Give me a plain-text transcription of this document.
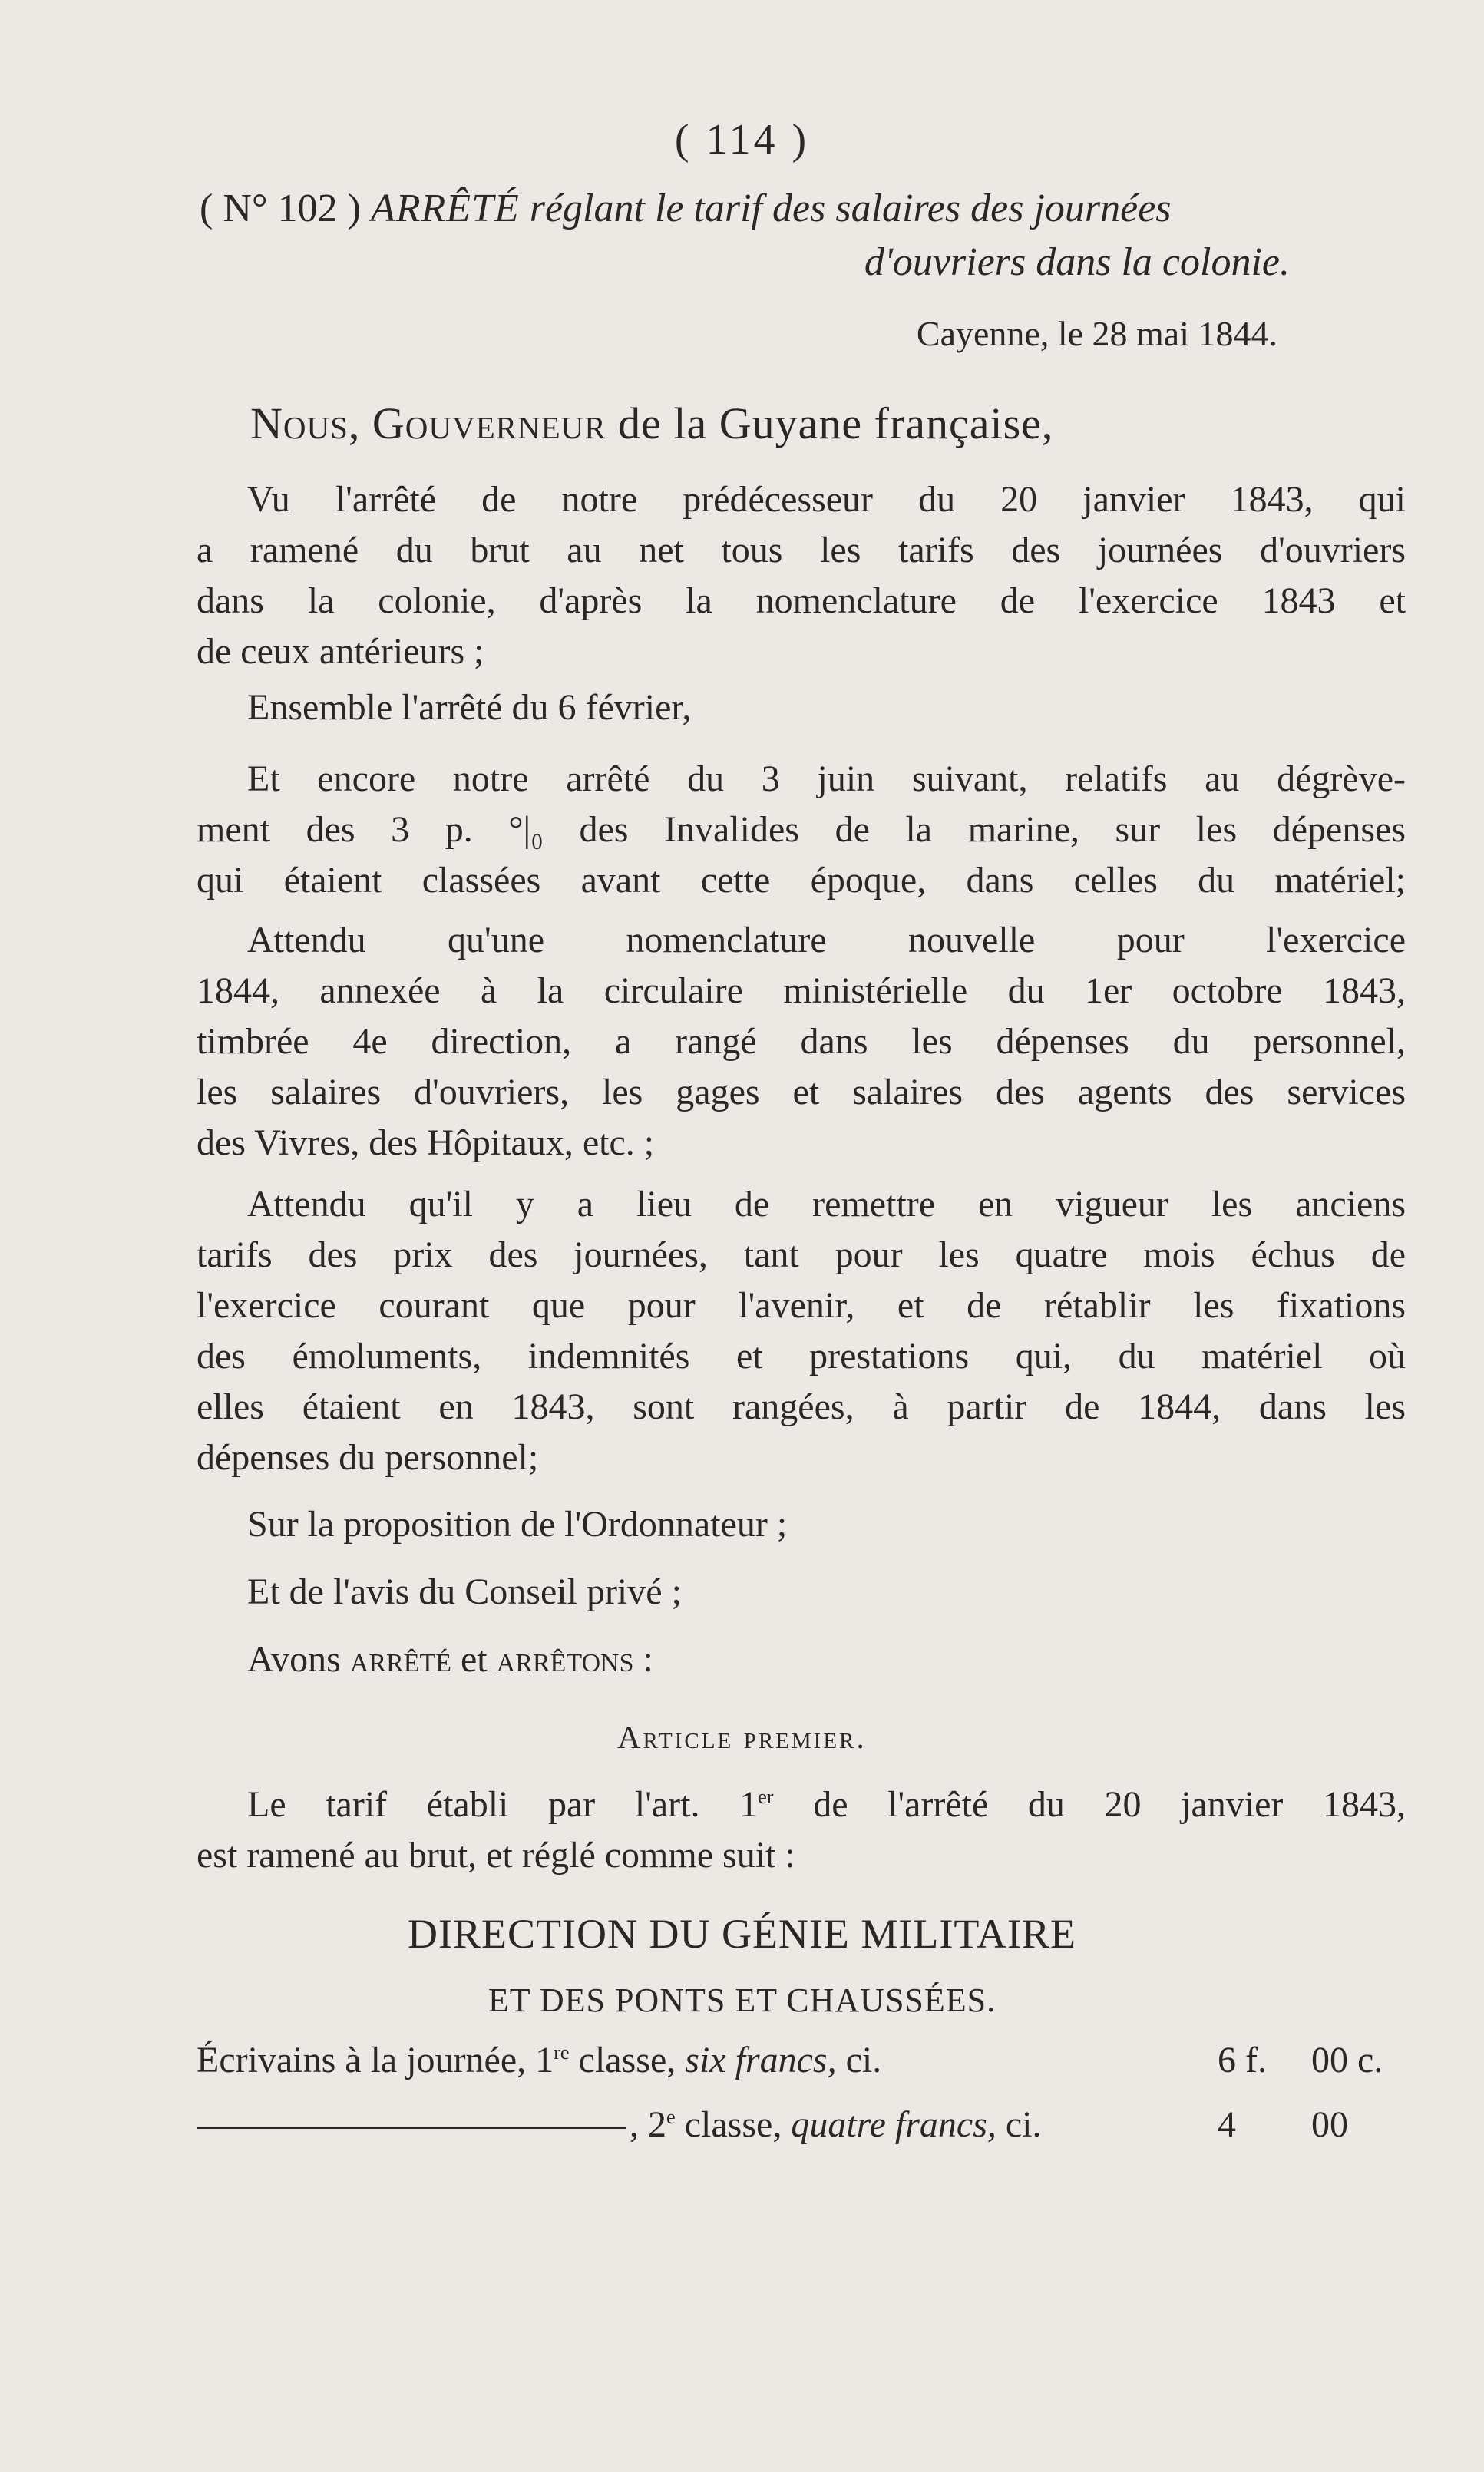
( 114 )
( N° 102 ) ARRÊTÉ réglant le tarif des salaires des journées
d'ouvriers dans la colonie.
Cayenne, le 28 mai 1844.
Nous, Gouverneur de la Guyane française,
Vu l'arrêté de notre prédécesseur du 20 janvier 1843, qui
a ramené du brut au net tous les tarifs des journées d'ouvriers
dans la colonie, d'après la nomenclature de l'exercice 1843 et
de ceux antérieurs ;
Ensemble l'arrêté du 6 février,
Et encore notre arrêté du 3 juin suivant, relatifs au dégrève-
ment des 3 p. °|₀ des Invalides de la marine, sur les dépenses
qui étaient classées avant cette époque, dans celles du matériel;
Attendu qu'une nomenclature nouvelle pour l'exercice
1844, annexée à la circulaire ministérielle du 1er octobre 1843,
timbrée 4e direction, a rangé dans les dépenses du personnel,
les salaires d'ouvriers, les gages et salaires des agents des services
des Vivres, des Hôpitaux, etc. ;
Attendu qu'il y a lieu de remettre en vigueur les anciens
tarifs des prix des journées, tant pour les quatre mois échus de
l'exercice courant que pour l'avenir, et de rétablir les fixations
des émoluments, indemnités et prestations qui, du matériel où
elles étaient en 1843, sont rangées, à partir de 1844, dans les
dépenses du personnel;
Sur la proposition de l'Ordonnateur ;
Et de l'avis du Conseil privé ;
Avons arrêté et arrêtons :
Article premier.
Le tarif établi par l'art. 1er de l'arrêté du 20 janvier 1843,
est ramené au brut, et réglé comme suit :
DIRECTION DU GÉNIE MILITAIRE
ET DES PONTS ET CHAUSSÉES.
Écrivains à la journée, 1re classe, six francs, ci.	6 f. 00 c.
, 2e classe, quatre francs, ci.	4 00
